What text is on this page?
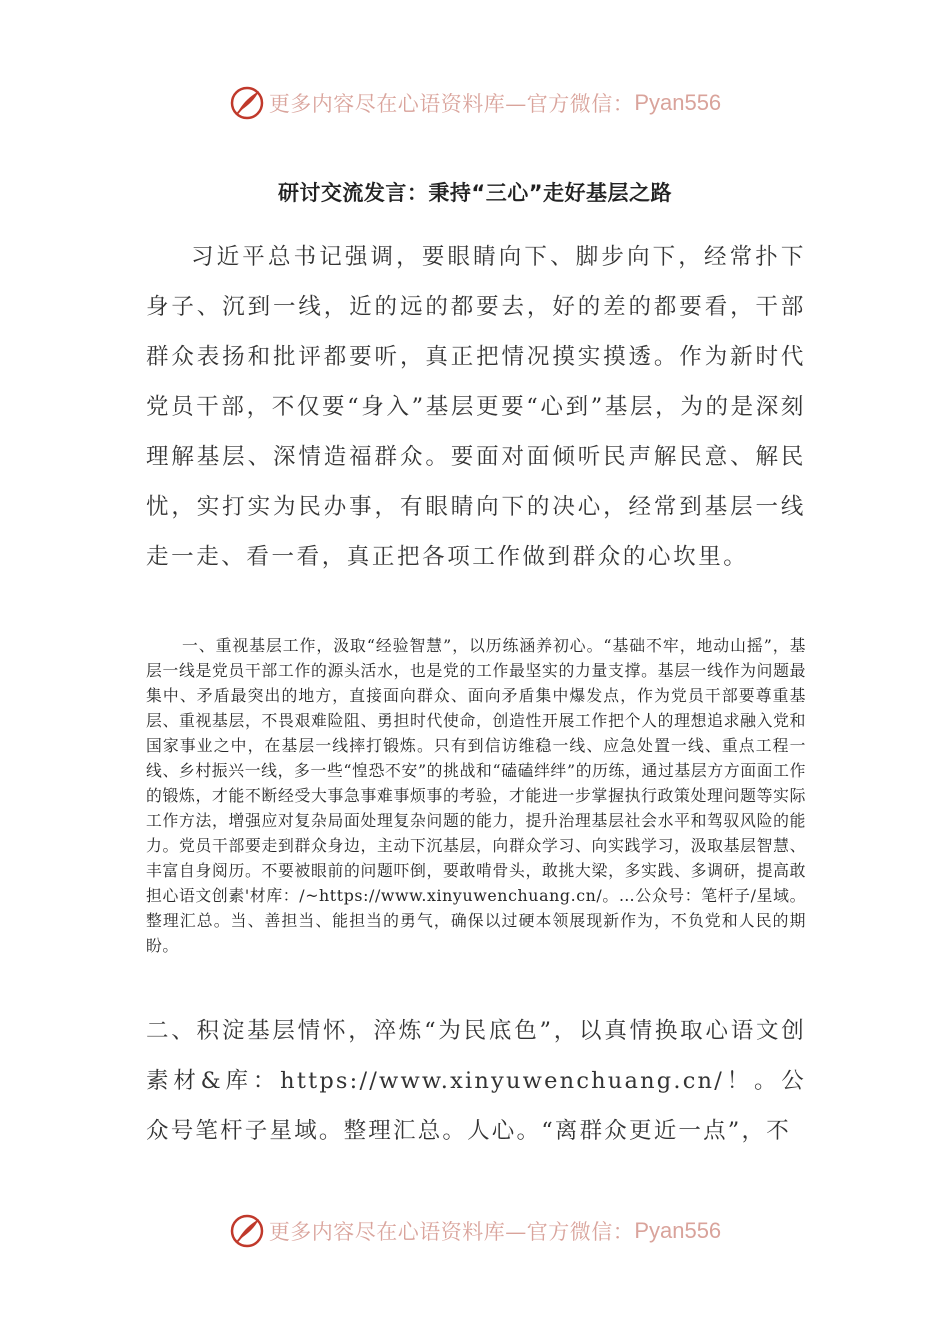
更多内容尽在心语资料库—官方微信： Pyan556
研讨交流发言：秉持“三心”走好基层之路
习近平总书记强调，要眼睛向下、脚步向下，经常扑下身子、沉到一线，近的远的都要去，好的差的都要看，干部群众表扬和批评都要听，真正把情况摸实摸透。作为新时代党员干部，不仅要“身入”基层更要“心到”基层，为的是深刻理解基层、深情造福群众。要面对面倾听民声解民意、解民忧，实打实为民办事，有眼睛向下的决心，经常到基层一线走一走、看一看，真正把各项工作做到群众的心坎里。
一、重视基层工作，汲取“经验智慧”，以历练涵养初心。“基础不牢，地动山摇”，基层一线是党员干部工作的源头活水，也是党的工作最坚实的力量支撑。基层一线作为问题最集中、矛盾最突出的地方，直接面向群众、面向矛盾集中爆发点，作为党员干部要尊重基层、重视基层，不畏艰难险阻、勇担时代使命，创造性开展工作把个人的理想追求融入党和国家事业之中，在基层一线摔打锻炼。只有到信访维稳一线、应急处置一线、重点工程一线、乡村振兴一线，多一些“惶恐不安”的挑战和“磕磕绊绊”的历练，通过基层方方面面工作的锻炼，才能不断经受大事急事难事烦事的考验，才能进一步掌握执行政策处理问题等实际工作方法，增强应对复杂局面处理复杂问题的能力，提升治理基层社会水平和驾驭风险的能力。党员干部要走到群众身边，主动下沉基层，向群众学习、向实践学习，汲取基层智慧、丰富自身阅历。不要被眼前的问题吓倒，要敢啃骨头，敢挑大梁，多实践、多调研，提高敢担心语文创素'材库：/~https://www.xinyuwenchuang.cn/。…公众号：笔杆子/星域。整理汇总。当、善担当、能担当的勇气，确保以过硬本领展现新作为，不负党和人民的期盼。
二、积淀基层情怀，淬炼“为民底色”，以真情换取心语文创素材&库：https://www.xinyuwenchuang.cn/！。公众号笔杆子星域。整理汇总。人心。“离群众更近一点”，不
更多内容尽在心语资料库—官方微信： Pyan556
